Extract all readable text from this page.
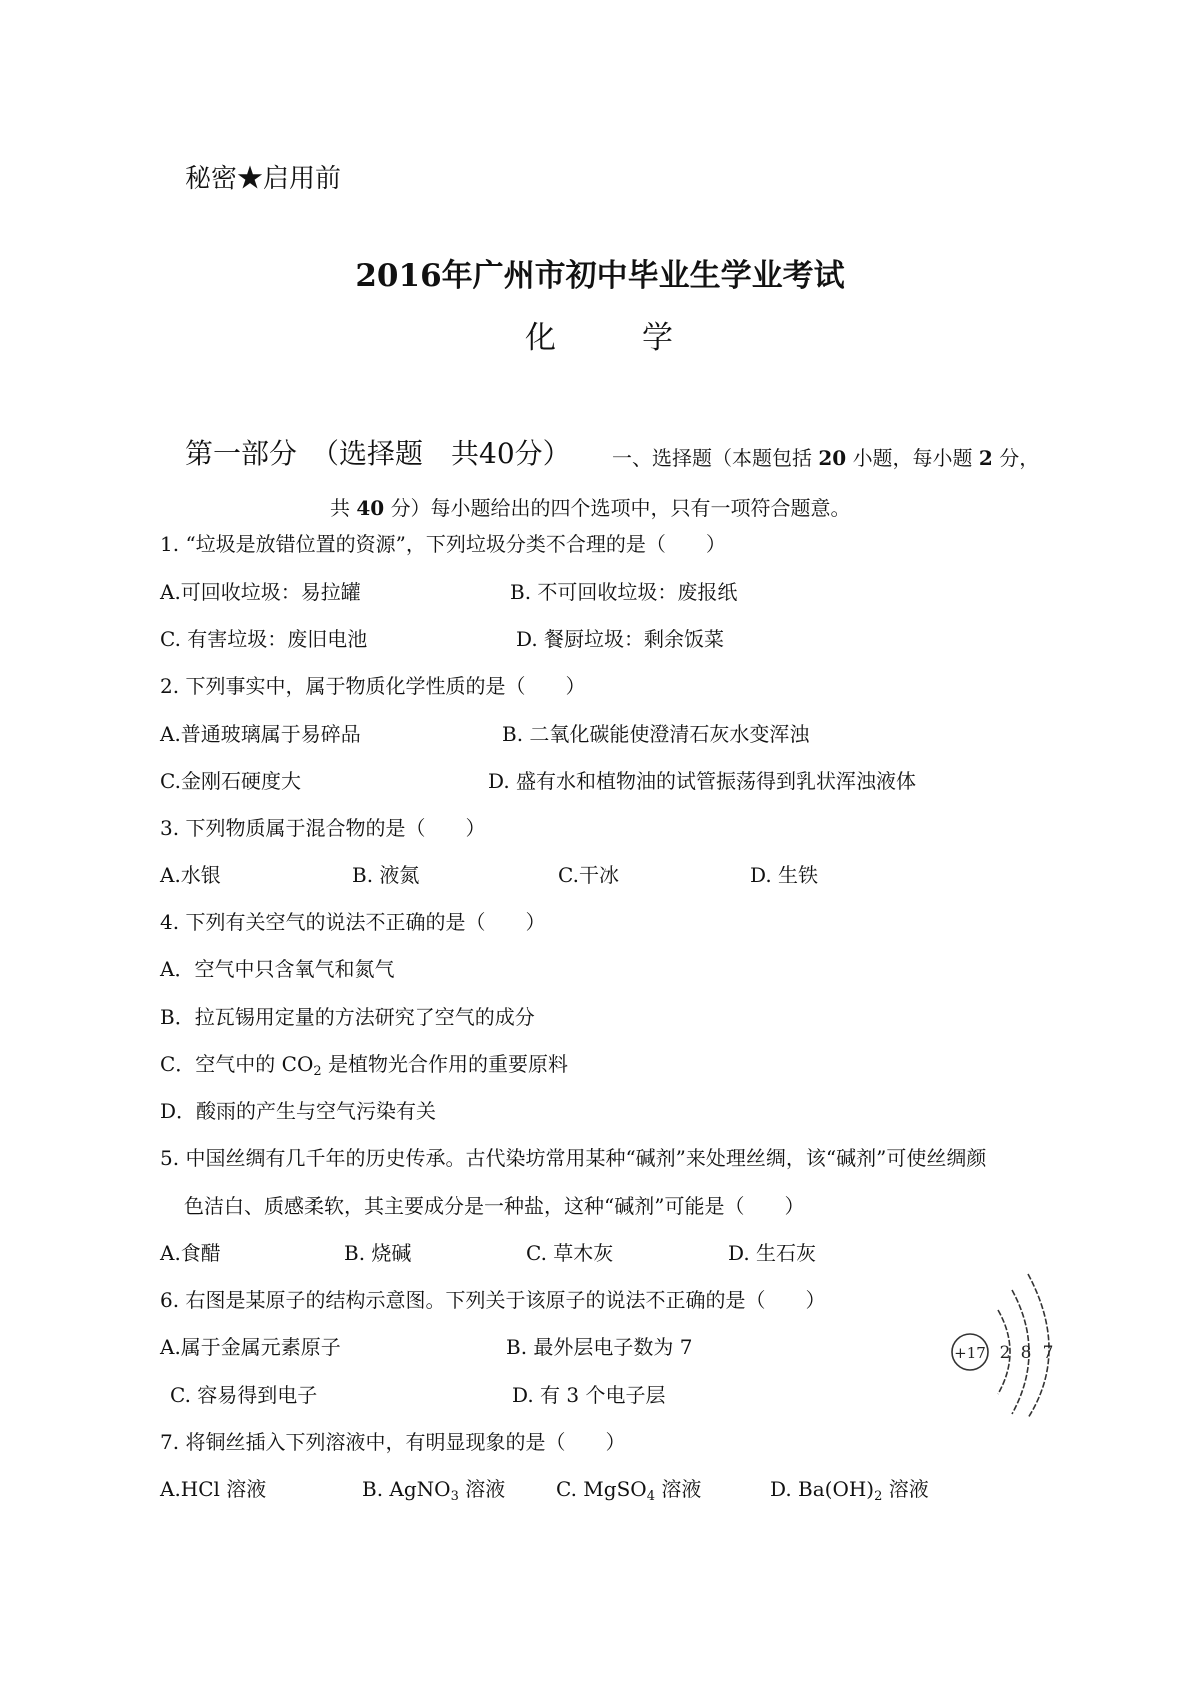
秘密★启用前
2016年广州市初中毕业生学业考试
化	学
第一部分　（选择题　共40分） 一、选择题（本题包括 20 小题，每小题 2 分，
共 40 分）每小题给出的四个选项中，只有一项符合题意。
1. “垃圾是放错位置的资源”，下列垃圾分类不合理的是（　　）
A.可回收垃圾：易拉罐	B. 不可回收垃圾：废报纸
C. 有害垃圾：废旧电池	D. 餐厨垃圾：剩余饭菜
2. 下列事实中，属于物质化学性质的是（　　）
A.普通玻璃属于易碎品	B. 二氧化碳能使澄清石灰水变浑浊
C.金刚石硬度大	D. 盛有水和植物油的试管振荡得到乳状浑浊液体
3. 下列物质属于混合物的是（　　）
A.水银	B. 液氮	C.干冰	D. 生铁
4. 下列有关空气的说法不正确的是（　　）
A．空气中只含氧气和氮气
B．拉瓦锡用定量的方法研究了空气的成分
C．空气中的 $CO_2$ 是植物光合作用的重要原料
D．酸雨的产生与空气污染有关
5. 中国丝绸有几千年的历史传承。古代染坊常用某种“碱剂”来处理丝绸，该“碱剂”可使丝绸颜
色洁白、质感柔软，其主要成分是一种盐，这种“碱剂”可能是（　　）
A.食醋	B. 烧碱	C. 草木灰	D. 生石灰
6. 右图是某原子的结构示意图。下列关于该原子的说法不正确的是（　　）
A.属于金属元素原子	B. 最外层电子数为 7
C. 容易得到电子	D. 有 3 个电子层
+17 2 8 7
7. 将铜丝插入下列溶液中，有明显现象的是（　　）
A.HCl 溶液	B. AgNO$_3$ 溶液	C. MgSO$_4$ 溶液	D. $Ba(OH)_2$ 溶液
